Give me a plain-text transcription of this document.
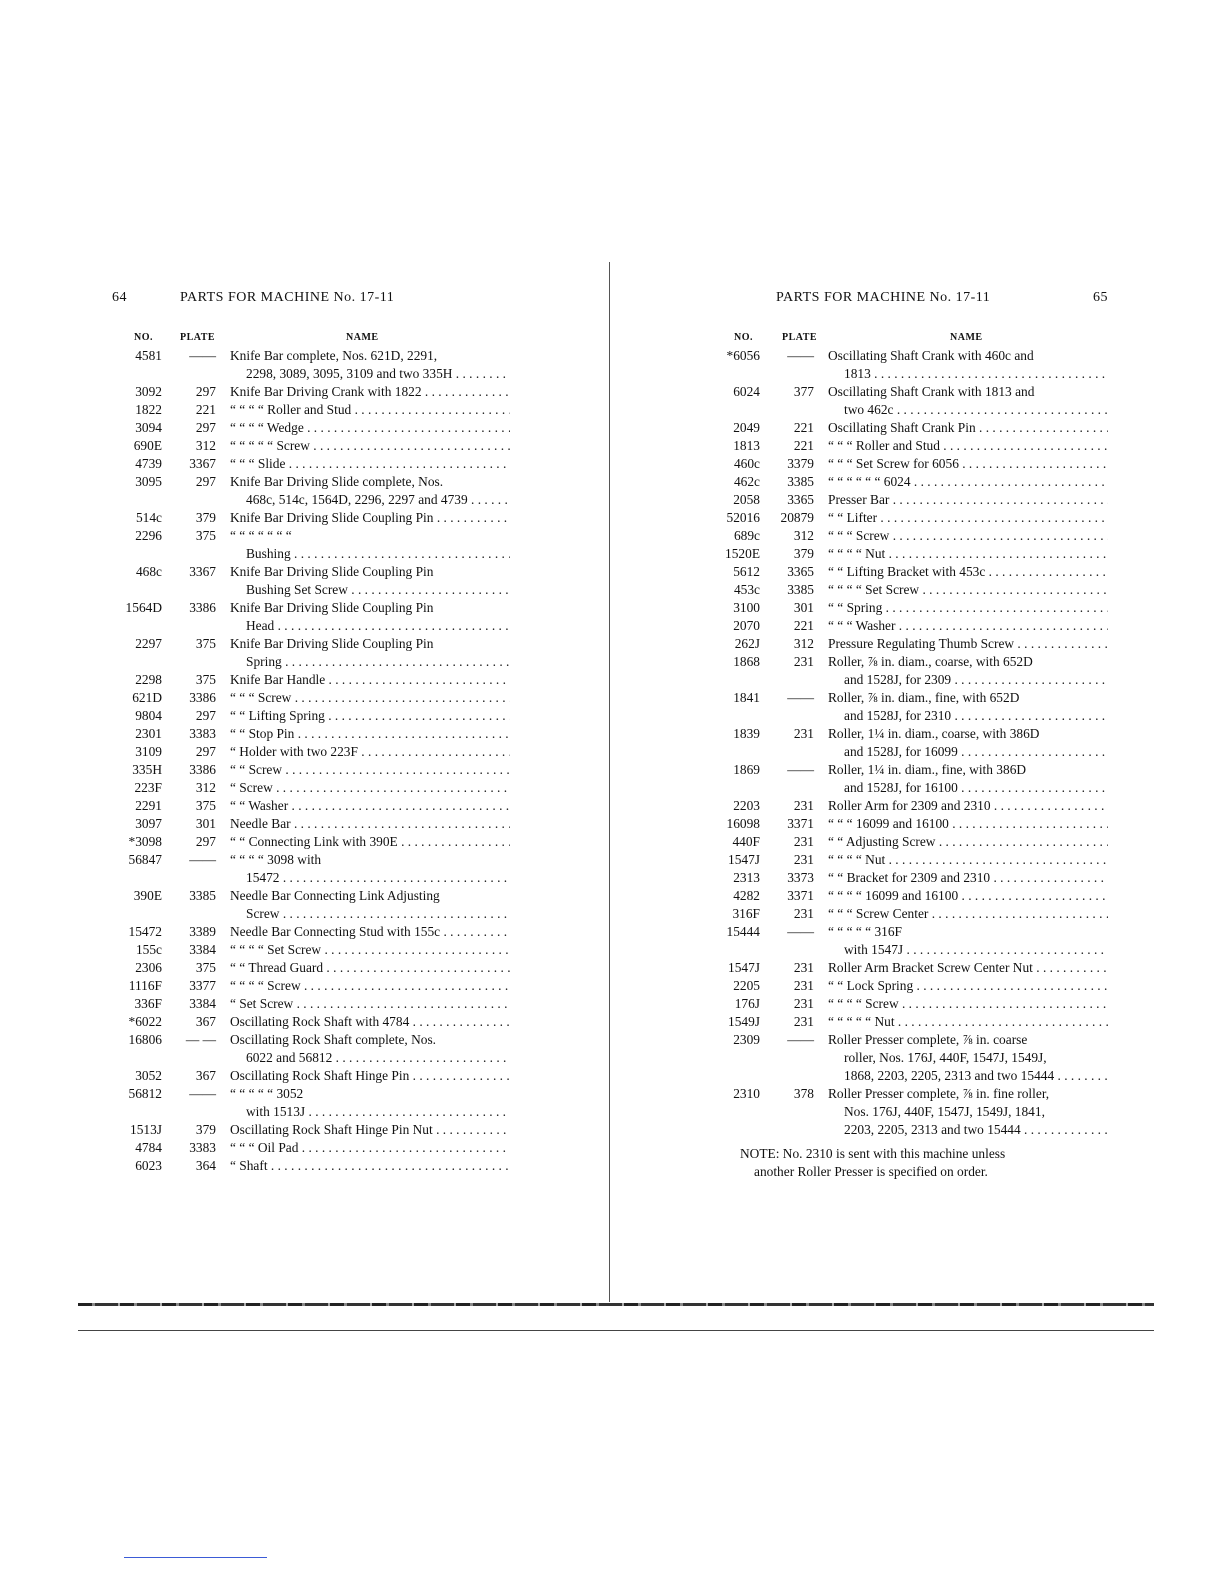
64	PARTS FOR MACHINE No. 17-11
NO.	PLATE	NAME
4581	—— Knife Bar complete, Nos. 621D, 2291,
2298, 3089, 3095, 3109 and two 335H
. . .
3092	297 Knife Bar Driving Crank with 1822
. . .
1822	221 “ “ “ “ Roller and Stud
. . .
3094	297 “ “ “ “ Wedge
. . .
690E	312 “ “ “ “ “ Screw
. . .
4739	3367 “ “ “ Slide
. . .
3095	297 Knife Bar Driving Slide complete, Nos.
468c, 514c, 1564D, 2296, 2297 and 4739
. . .
514c	379 Knife Bar Driving Slide Coupling Pin
. . .
2296	375 “ “ “ “ “ “ “
Bushing
. . .
468c	3367 Knife Bar Driving Slide Coupling Pin
Bushing Set Screw
. . .
1564D	3386 Knife Bar Driving Slide Coupling Pin
Head
. . .
2297	375 Knife Bar Driving Slide Coupling Pin
Spring
. . .
2298	375 Knife Bar Handle
. . .
621D	3386 “ “ “ Screw
. . .
9804	297 “ “ Lifting Spring
. . .
2301	3383 “ “ Stop Pin
. . .
3109	297 “ Holder with two 223F
. . .
335H	3386 “ “ Screw
. . .
223F	312 “ Screw
. . .
2291	375 “ “ Washer
. . .
3097	301 Needle Bar
. . .
*3098	297 “ “ Connecting Link with 390E
. . .
56847	—— “ “ “ “ 3098 with
15472
. . .
390E	3385 Needle Bar Connecting Link Adjusting
Screw
. . .
15472	3389 Needle Bar Connecting Stud with 155c
. . .
155c	3384 “ “ “ “ Set Screw
. . .
2306	375 “ “ Thread Guard
. . .
1116F	3377 “ “ “ “ Screw
. . .
336F	3384 “ Set Screw
. . .
*6022	367 Oscillating Rock Shaft with 4784
. . .
16806	— — Oscillating Rock Shaft complete, Nos.
6022 and 56812
. . .
3052	367 Oscillating Rock Shaft Hinge Pin
. . .
56812	—— “ “ “ “ “ 3052
with 1513J
. . .
1513J	379 Oscillating Rock Shaft Hinge Pin Nut
. . .
4784	3383 “ “ “ Oil Pad
. . .
6023	364 “ Shaft
. . .
PARTS FOR MACHINE No. 17-11	65
NO.	PLATE	NAME
*6056	—— Oscillating Shaft Crank with 460c and
1813
. . .
6024	377 Oscillating Shaft Crank with 1813 and
two 462c
. . .
2049	221 Oscillating Shaft Crank Pin
. . .
1813	221 “ “ “ Roller and Stud
. . .
460c	3379 “ “ “ Set Screw for 6056
. . .
462c	3385 “ “ “ “ “ “ 6024
. . .
2058	3365 Presser Bar
. . .
52016	20879 “ “ Lifter
. . .
689c	312 “ “ “ Screw
. . .
1520E	379 “ “ “ “ Nut
. . .
5612	3365 “ “ Lifting Bracket with 453c
. . .
453c	3385 “ “ “ “ Set Screw
. . .
3100	301 “ “ Spring
. . .
2070	221 “ “ “ Washer
. . .
262J	312 Pressure Regulating Thumb Screw
. . .
1868	231 Roller, ⅞ in. diam., coarse, with 652D
and 1528J, for 2309
. . .
1841	—— Roller, ⅞ in. diam., fine, with 652D
and 1528J, for 2310
. . .
1839	231 Roller, 1¼ in. diam., coarse, with 386D
and 1528J, for 16099
. . .
1869	—— Roller, 1¼ in. diam., fine, with 386D
and 1528J, for 16100
. . .
2203	231 Roller Arm for 2309 and 2310
. . .
16098	3371 “ “ “ 16099 and 16100
. . .
440F	231 “ “ Adjusting Screw
. . .
1547J	231 “ “ “ “ Nut
. . .
2313	3373 “ “ Bracket for 2309 and 2310
. . .
4282	3371 “ “ “ “ 16099 and 16100
. . .
316F	231 “ “ “ Screw Center
. . .
15444	—— “ “ “ “ “ 316F
with 1547J
. . .
1547J	231 Roller Arm Bracket Screw Center Nut
. . .
2205	231 “ “ Lock Spring
. . .
176J	231 “ “ “ “ Screw
. . .
1549J	231 “ “ “ “ “ Nut
. . .
2309	—— Roller Presser complete, ⅞ in. coarse
roller, Nos. 176J, 440F, 1547J, 1549J,
1868, 2203, 2205, 2313 and two 15444
. . .
2310	378 Roller Presser complete, ⅞ in. fine roller,
Nos. 176J, 440F, 1547J, 1549J, 1841,
2203, 2205, 2313 and two 15444
. . .
NOTE: No. 2310 is sent with this machine unless
another Roller Presser is specified on order.
